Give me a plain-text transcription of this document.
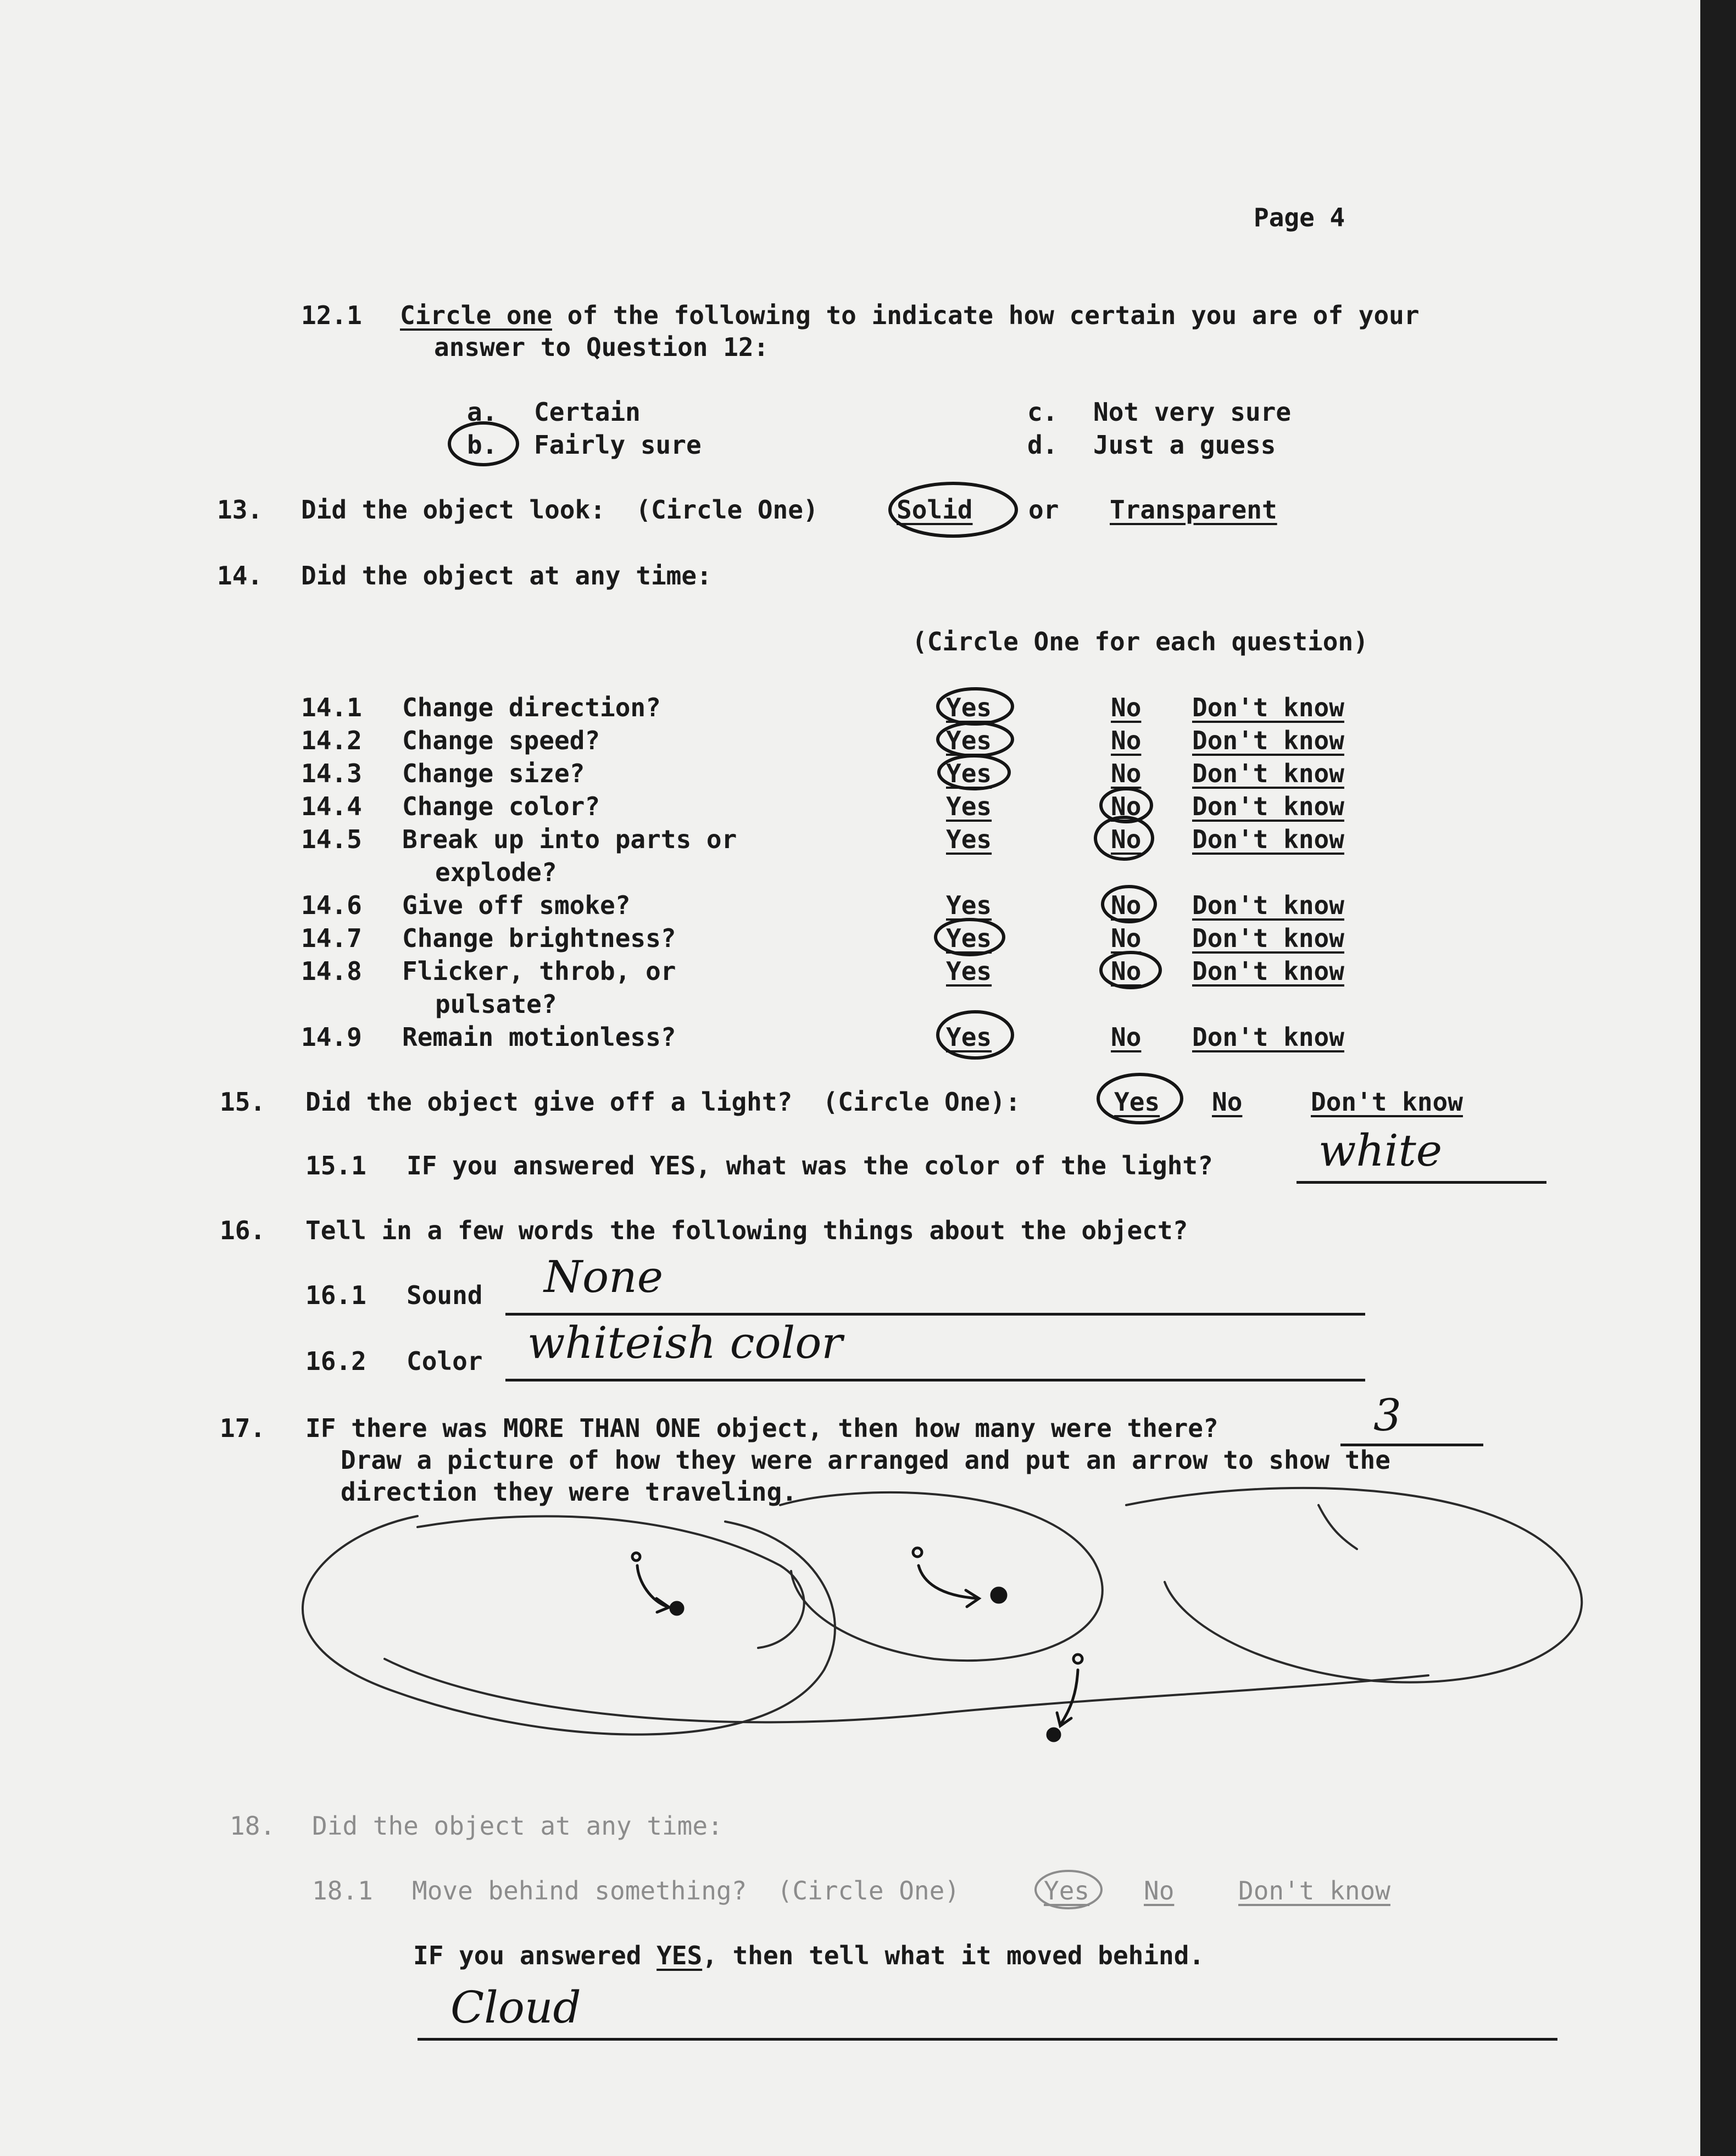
Page 4
12.1 Circle one of the following to indicate how certain you are of your
answer to Question 12:
a. Certain
b. Fairly sure
c. Not very sure
d. Just a guess
13. Did the object look:  (Circle One)	Solid or Transparent
14. Did the object at any time:
(Circle One for each question)
14.1 Change direction?	Yes	No Don't know
14.2 Change speed?	Yes	No Don't know
14.3 Change size?	Yes	No Don't know
14.4 Change color?	Yes	No Don't know
14.5 Break up into parts or
explode?
Yes	No Don't know
14.6 Give off smoke?	Yes	No Don't know
14.7 Change brightness?	Yes	No Don't know
14.8 Flicker, throb, or
pulsate?
Yes	No Don't know
14.9 Remain motionless?	Yes	No Don't know
15. Did the object give off a light?  (Circle One):	Yes No	Don't know
15.1 IF you answered YES, what was the color of the light? white
16. Tell in a few words the following things about the object?
16.1 Sound None
16.2 Color whiteish color
17. IF there was MORE THAN ONE object, then how many were there?	3
Draw a picture of how they were arranged and put an arrow to show the
direction they were traveling.
18. Did the object at any time:
18.1 Move behind something?  (Circle One)	Yes No	Don't know
IF you answered YES, then tell what it moved behind.
Cloud
